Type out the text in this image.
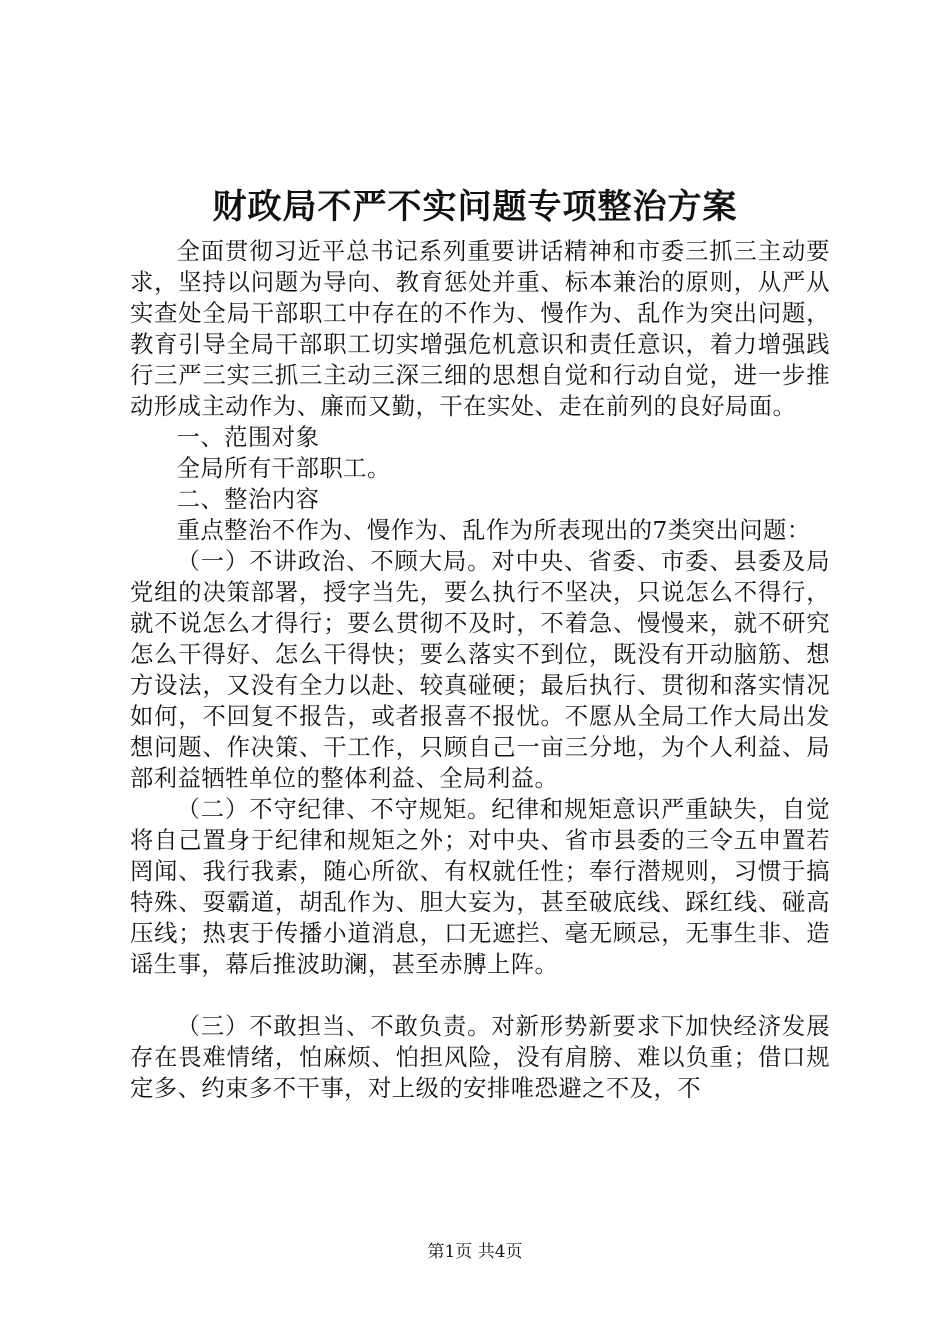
财政局不严不实问题专项整治方案

全面贯彻习近平总书记系列重要讲话精神和市委三抓三主动要求，坚持以问题为导向、教育惩处并重、标本兼治的原则，从严从实查处全局干部职工中存在的不作为、慢作为、乱作为突出问题，教育引导全局干部职工切实增强危机意识和责任意识，着力增强践行三严三实三抓三主动三深三细的思想自觉和行动自觉，进一步推动形成主动作为、廉而又勤，干在实处、走在前列的良好局面。

一、范围对象

全局所有干部职工。

二、整治内容

重点整治不作为、慢作为、乱作为所表现出的7类突出问题：

（一）不讲政治、不顾大局。对中央、省委、市委、县委及局党组的决策部署，授字当先，要么执行不坚决，只说怎么不得行，就不说怎么才得行；要么贯彻不及时，不着急、慢慢来，就不研究怎么干得好、怎么干得快；要么落实不到位，既没有开动脑筋、想方设法，又没有全力以赴、较真碰硬；最后执行、贯彻和落实情况如何，不回复不报告，或者报喜不报忧。不愿从全局工作大局出发想问题、作决策、干工作，只顾自己一亩三分地，为个人利益、局部利益牺牲单位的整体利益、全局利益。

（二）不守纪律、不守规矩。纪律和规矩意识严重缺失，自觉将自己置身于纪律和规矩之外；对中央、省市县委的三令五申置若罔闻、我行我素，随心所欲、有权就任性；奉行潜规则，习惯于搞特殊、耍霸道，胡乱作为、胆大妄为，甚至破底线、踩红线、碰高压线；热衷于传播小道消息，口无遮拦、毫无顾忌，无事生非、造谣生事，幕后推波助澜，甚至赤膊上阵。

（三）不敢担当、不敢负责。对新形势新要求下加快经济发展存在畏难情绪，怕麻烦、怕担风险，没有肩膀、难以负重；借口规定多、约束多不干事，对上级的安排唯恐避之不及，不

第1页 共4页
